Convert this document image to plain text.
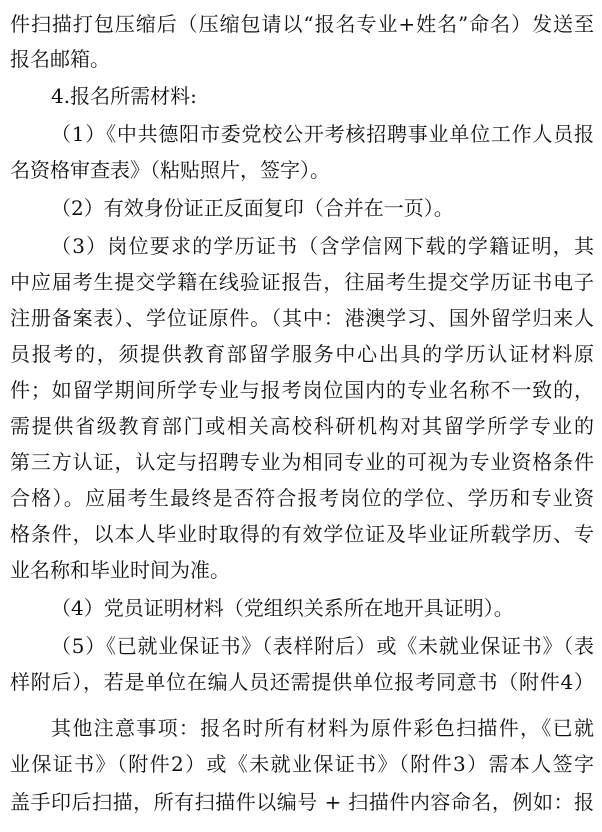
件扫描打包压缩后（压缩包请以“报名专业+姓名”命名）发送至
报名邮箱。
4.报名所需材料:
（1）《中共德阳市委党校公开考核招聘事业单位工作人员报
名资格审查表》（粘贴照片，签字）。
（2）有效身份证正反面复印（合并在一页）。
（3）岗位要求的学历证书（含学信网下载的学籍证明，其
中应届考生提交学籍在线验证报告，往届考生提交学历证书电子
注册备案表）、学位证原件。（其中：港澳学习、国外留学归来人
员报考的，须提供教育部留学服务中心出具的学历认证材料原
件；如留学期间所学专业与报考岗位国内的专业名称不一致的，
需提供省级教育部门或相关高校科研机构对其留学所学专业的
第三方认证，认定与招聘专业为相同专业的可视为专业资格条件
合格）。应届考生最终是否符合报考岗位的学位、学历和专业资
格条件，以本人毕业时取得的有效学位证及毕业证所载学历、专
业名称和毕业时间为准。
（4）党员证明材料（党组织关系所在地开具证明）。
（5）《已就业保证书》（表样附后）或《未就业保证书》（表
样附后），若是单位在编人员还需提供单位报考同意书（附件4）
其他注意事项：报名时所有材料为原件彩色扫描件，《已就
业保证书》（附件2）或《未就业保证书》（附件3）需本人签字
盖手印后扫描，所有扫描件以编号 + 扫描件内容命名，例如：报
